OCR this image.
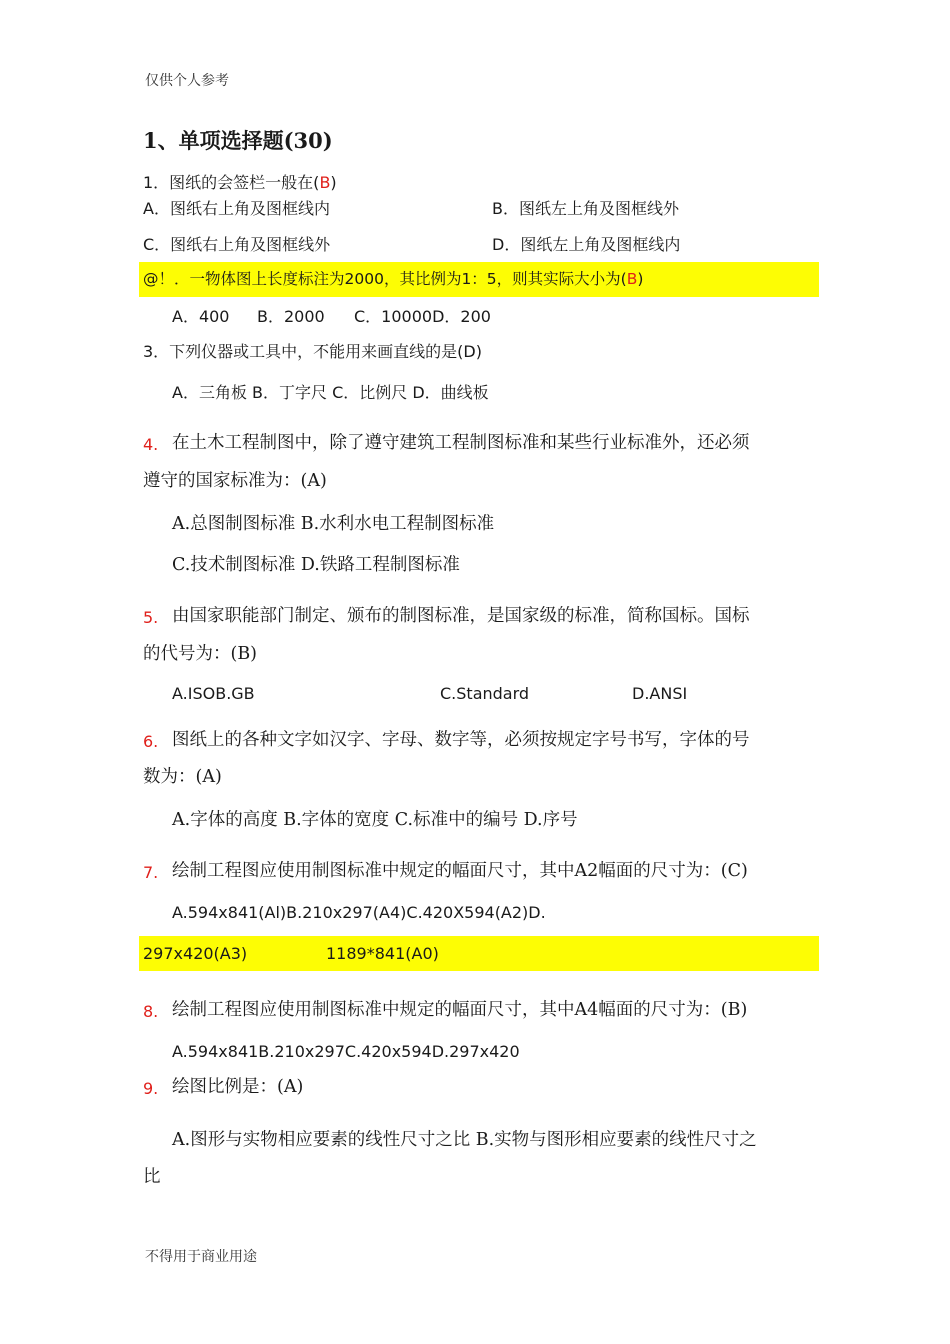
仅供个人参考
1、单项选择题(30)
1．图纸的会签栏一般在(B)
A．图纸右上角及图框线内	B．图纸左上角及图框线外
C．图纸右上角及图框线外	D．图纸左上角及图框线内
@！．一物体图上长度标注为2000，其比例为1：5，则其实际大小为(B)
A．400 B．2000 C．10000D．200
3．下列仪器或工具中，不能用来画直线的是(D)
A．三角板 B．丁字尺 C．比例尺 D．曲线板
4. 在土木工程制图中，除了遵守建筑工程制图标准和某些行业标准外，还必须
遵守的国家标准为：(A)
A.总图制图标准 B.水利水电工程制图标准
C.技术制图标准 D.铁路工程制图标准
5. 由国家职能部门制定、颁布的制图标准，是国家级的标准，简称国标。国标
的代号为：(B)
A.ISOB.GB	C.Standard	D.ANSI
6. 图纸上的各种文字如汉字、字母、数字等，必须按规定字号书写，字体的号
数为：(A)
A.字体的高度 B.字体的宽度 C.标准中的编号 D.序号
7. 绘制工程图应使用制图标准中规定的幅面尺寸，其中A2幅面的尺寸为：(C)
A.594x841(Al)B.210x297(A4)C.420X594(A2)D.
297x420(A3)	1189*841(A0)
8. 绘制工程图应使用制图标准中规定的幅面尺寸，其中A4幅面的尺寸为：(B)
A.594x841B.210x297C.420x594D.297x420
9. 绘图比例是：(A)
A.图形与实物相应要素的线性尺寸之比 B.实物与图形相应要素的线性尺寸之
比
不得用于商业用途
